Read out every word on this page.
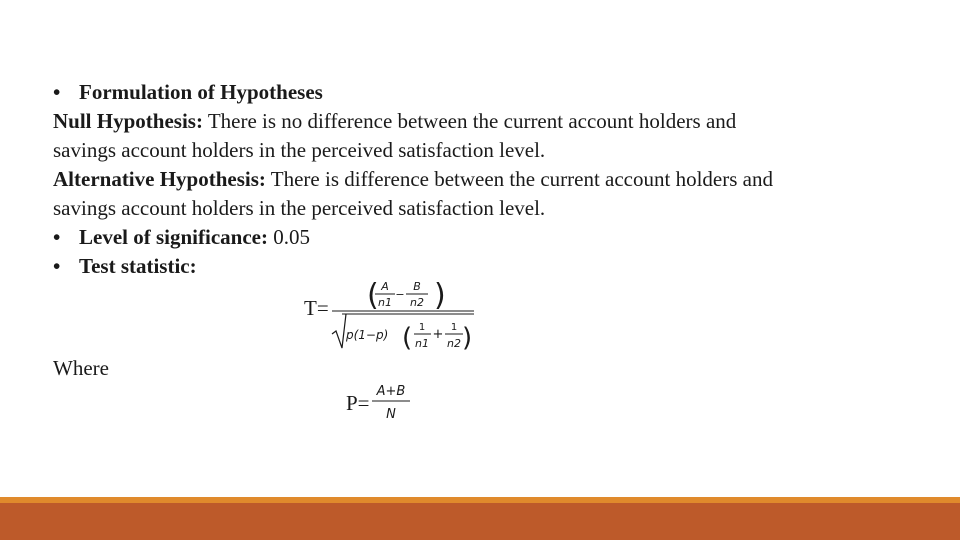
• Formulation of Hypotheses
Null Hypothesis: There is no difference between the current account holders and
savings account holders in the perceived satisfaction level.
Alternative Hypothesis: There is difference between the current account holders and
savings account holders in the perceived satisfaction level.
• Level of significance: 0.05
• Test statistic:
T= ( )
A
n1
−
B
n2
p(1−p) ( )
1
n1
+ 1
n2
Where
P= A+B
N
